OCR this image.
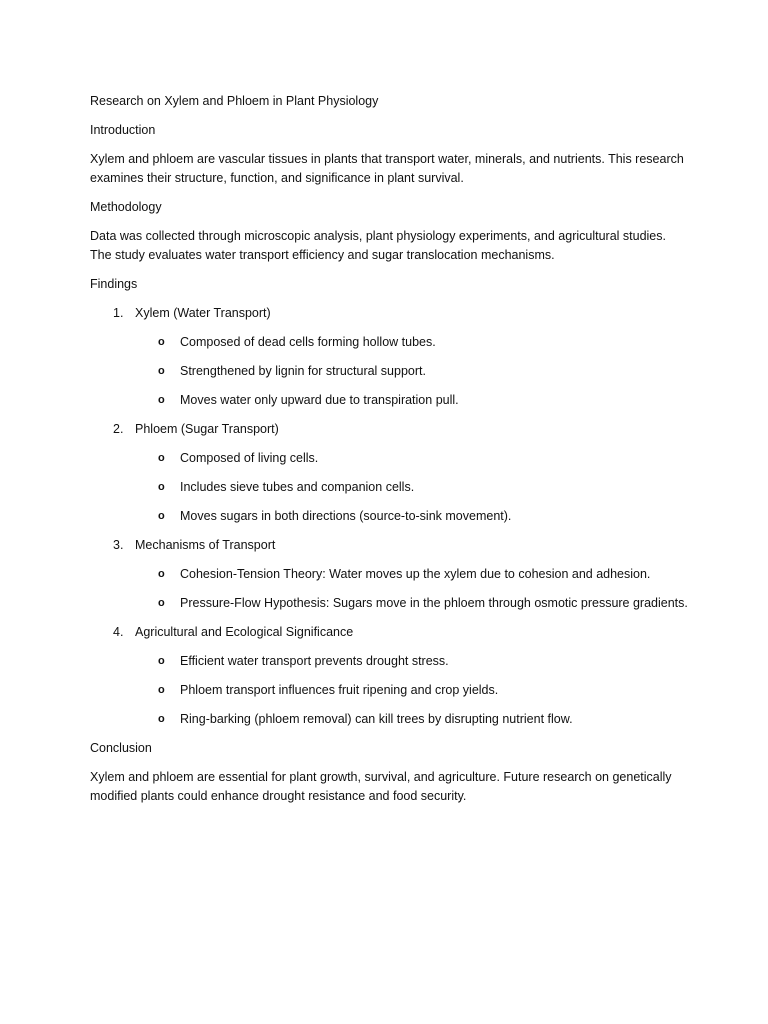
Research on Xylem and Phloem in Plant Physiology

Introduction

Xylem and phloem are vascular tissues in plants that transport water, minerals, and nutrients. This research examines their structure, function, and significance in plant survival.

Methodology

Data was collected through microscopic analysis, plant physiology experiments, and agricultural studies. The study evaluates water transport efficiency and sugar translocation mechanisms.

Findings

1. Xylem (Water Transport)
o Composed of dead cells forming hollow tubes.
o Strengthened by lignin for structural support.
o Moves water only upward due to transpiration pull.
2. Phloem (Sugar Transport)
o Composed of living cells.
o Includes sieve tubes and companion cells.
o Moves sugars in both directions (source-to-sink movement).
3. Mechanisms of Transport
o Cohesion-Tension Theory: Water moves up the xylem due to cohesion and adhesion.
o Pressure-Flow Hypothesis: Sugars move in the phloem through osmotic pressure gradients.
4. Agricultural and Ecological Significance
o Efficient water transport prevents drought stress.
o Phloem transport influences fruit ripening and crop yields.
o Ring-barking (phloem removal) can kill trees by disrupting nutrient flow.

Conclusion

Xylem and phloem are essential for plant growth, survival, and agriculture. Future research on genetically modified plants could enhance drought resistance and food security.
